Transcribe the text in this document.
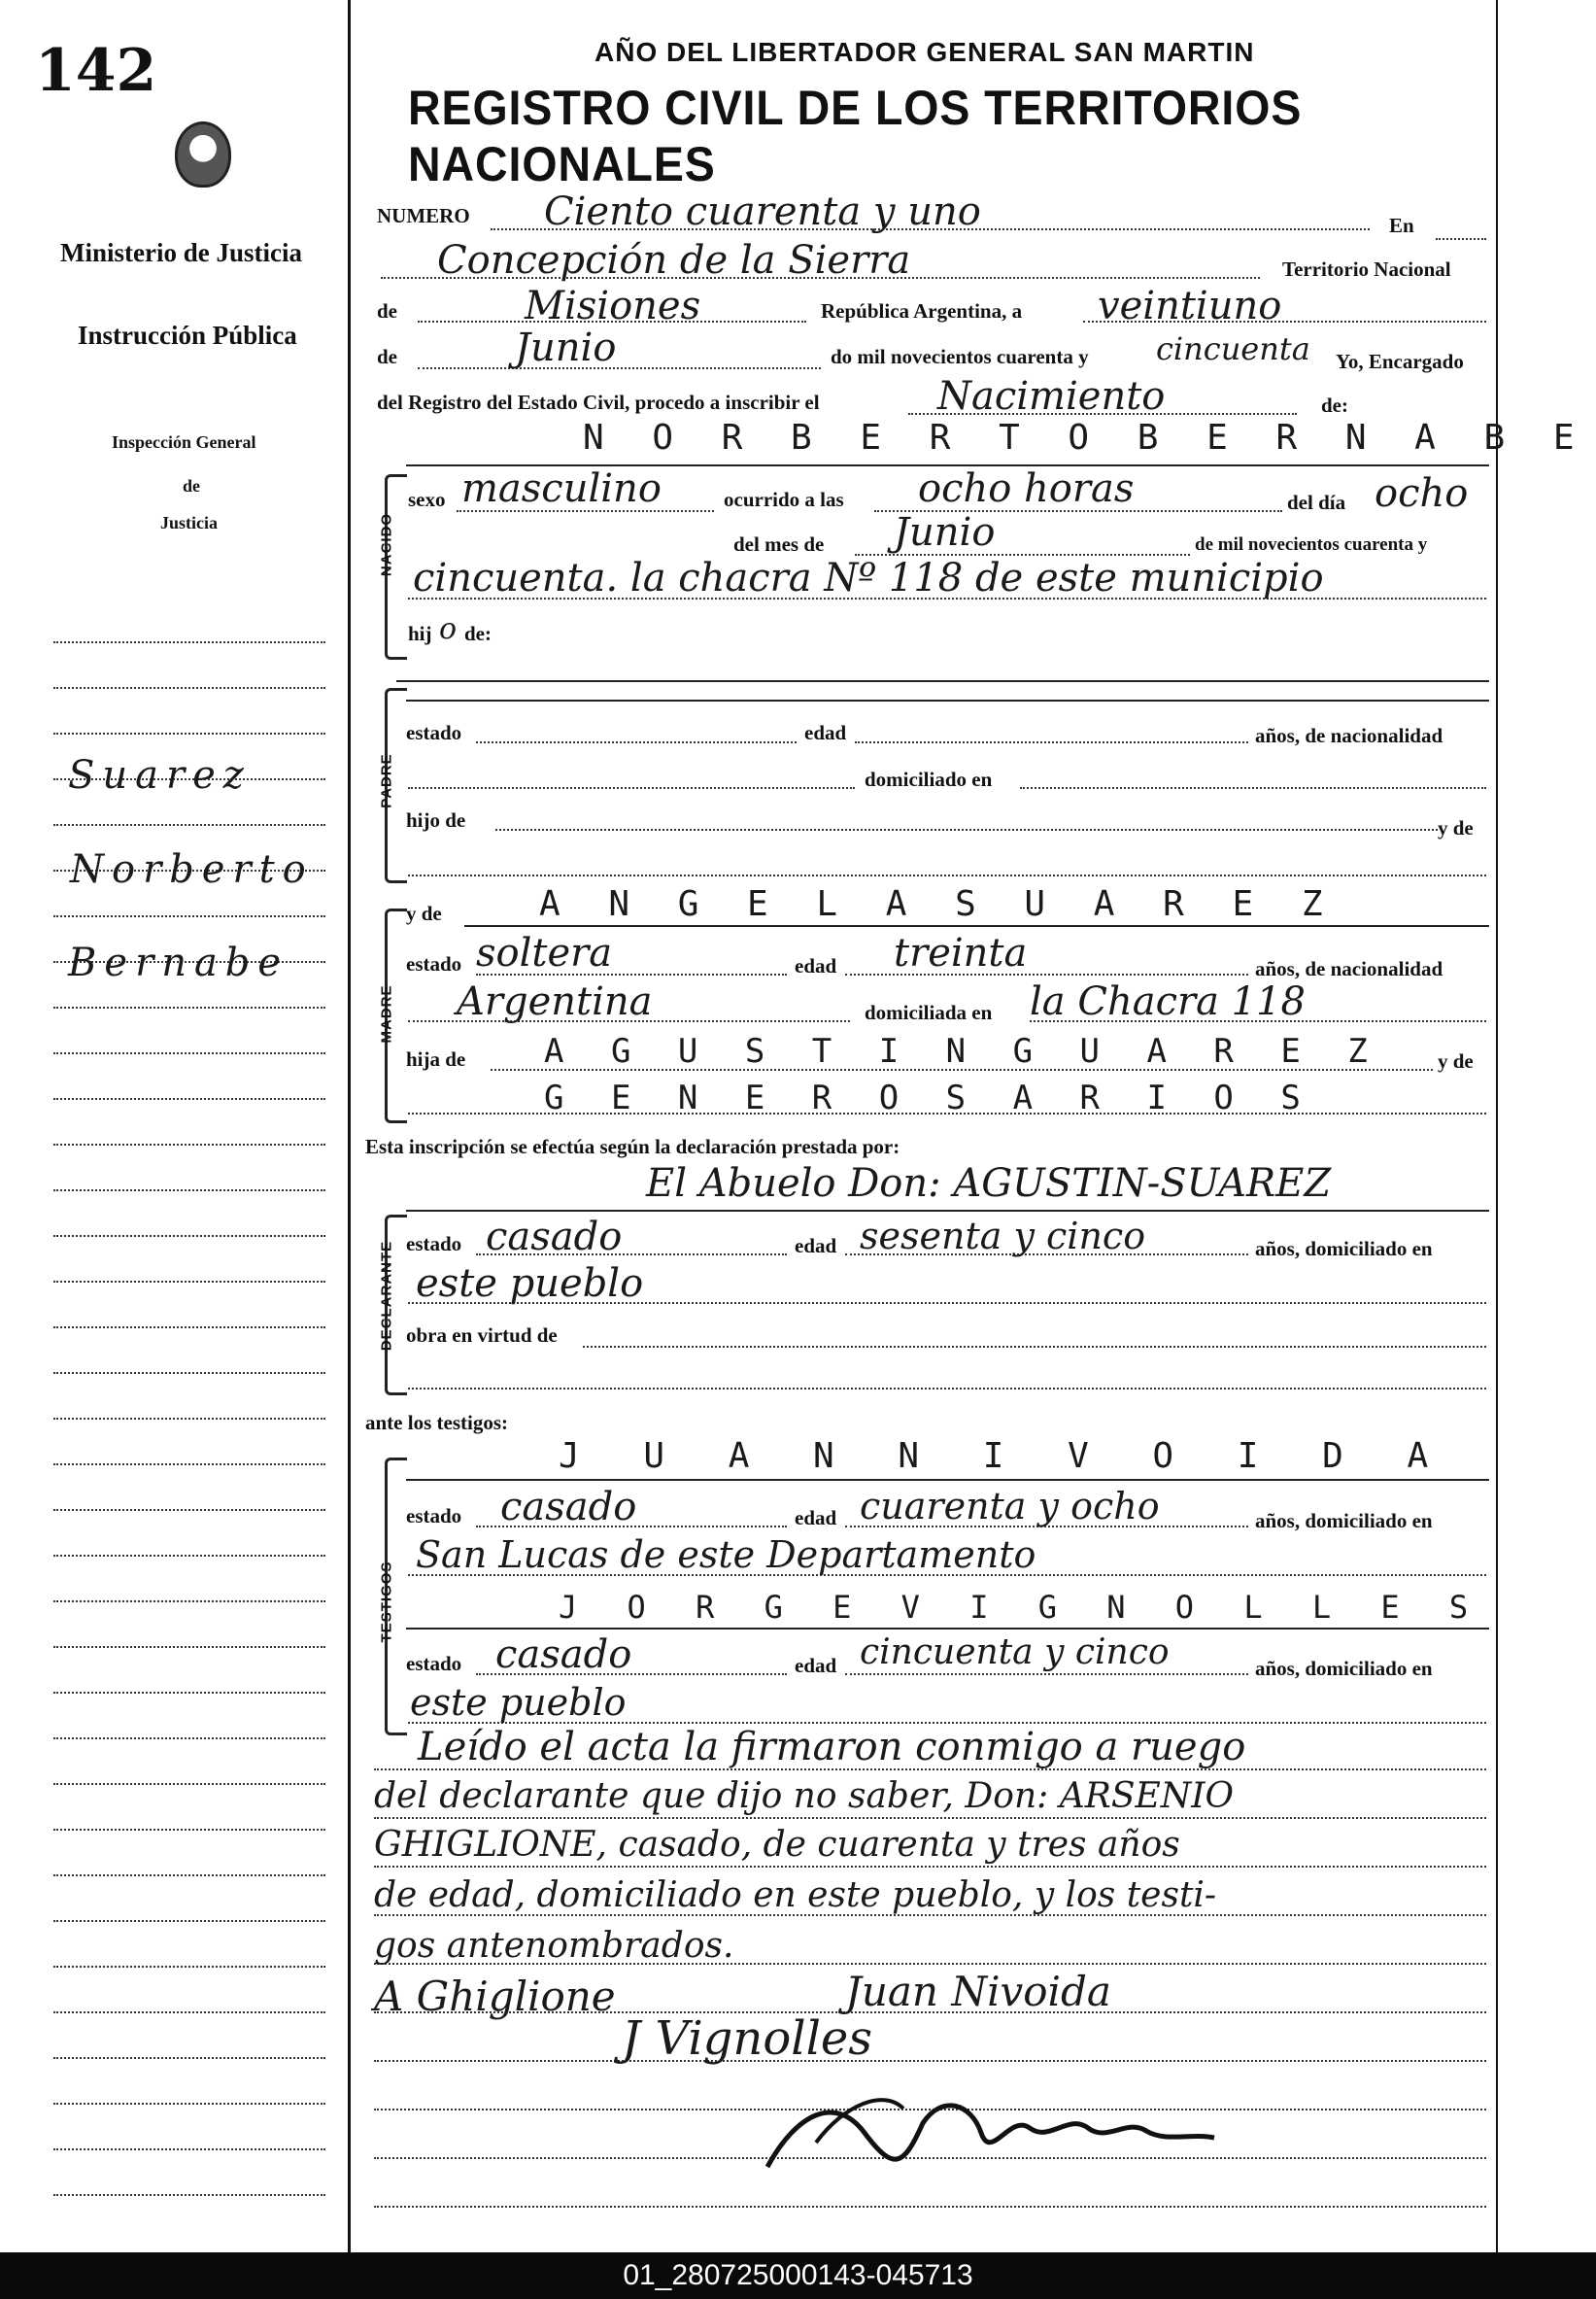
142
Ministerio de Justicia
Instrucción Pública
Inspección General
de
Justicia
Suarez
Norberto
Bernabe
AÑO DEL LIBERTADOR GENERAL SAN MARTIN
REGISTRO CIVIL DE LOS TERRITORIOS NACIONALES
NUMERO Ciento cuarenta y uno	En
Concepción de la Sierra	Territorio Nacional
de	Misiones	República Argentina, a veintiuno
de	Junio	do mil novecientos cuarenta y cincuenta Yo, Encargado
del Registro del Estado Civil, procedo a inscribir el	Nacimiento	de:
NACIDO
N O R B E R T O B E R N A B E
sexo masculino	ocurrido a las ocho horas	del día ocho
del mes de Junio	de mil novecientos cuarenta y
cincuenta. la chacra Nº 118 de este municipio
hij o de:
PADRE
estado	edad	años, de nacionalidad
domiciliado en
hijo de	y de
MADRE
y de	A N G E L A S U A R E Z
estado soltera	edad treinta	años, de nacionalidad
Argentina	domiciliada en la Chacra 118
hija de A G U S T I N G U A R E Z	y de
G E N E R O S A R I O S
Esta inscripción se efectúa según la declaración prestada por:
DECLARANTE
El Abuelo Don: AGUSTIN-SUAREZ
estado casado	edad sesenta y cinco	años, domiciliado en
este pueblo
obra en virtud de
ante los testigos:
TESTIGOS
J U A N N I V O I D A
estado casado	edad cuarenta y ocho	años, domiciliado en
San Lucas de este Departamento
J O R G E V I G N O L L E S
estado casado	edad cincuenta y cinco	años, domiciliado en
este pueblo
Leído el acta la firmaron conmigo a ruego
del declarante que dijo no saber, Don: ARSENIO
GHIGLIONE, casado, de cuarenta y tres años
de edad, domiciliado en este pueblo, y los testi-
gos antenombrados.
A Ghiglione	Juan Nivoida
J Vignolles
01_280725000143-045713
